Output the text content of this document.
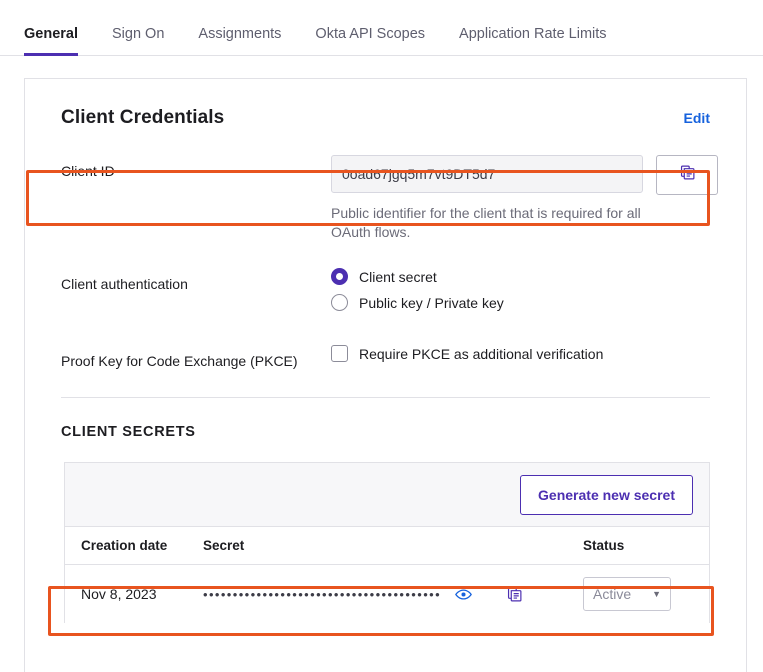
General Sign On Assignments Okta API Scopes Application Rate Limits
Client Credentials	Edit
Client ID
0oad67jgq5m7vt9DT5d7
Public identifier for the client that is required for all OAuth flows.
Client authentication	Client secret
Public key / Private key
Proof Key for Code Exchange (PKCE)	Require PKCE as additional verification
CLIENT SECRETS
Generate new secret
Creation date	Secret	Status
Nov 8, 2023	••••••••••••••••••••••••••••••••••••••••	Active ▼
